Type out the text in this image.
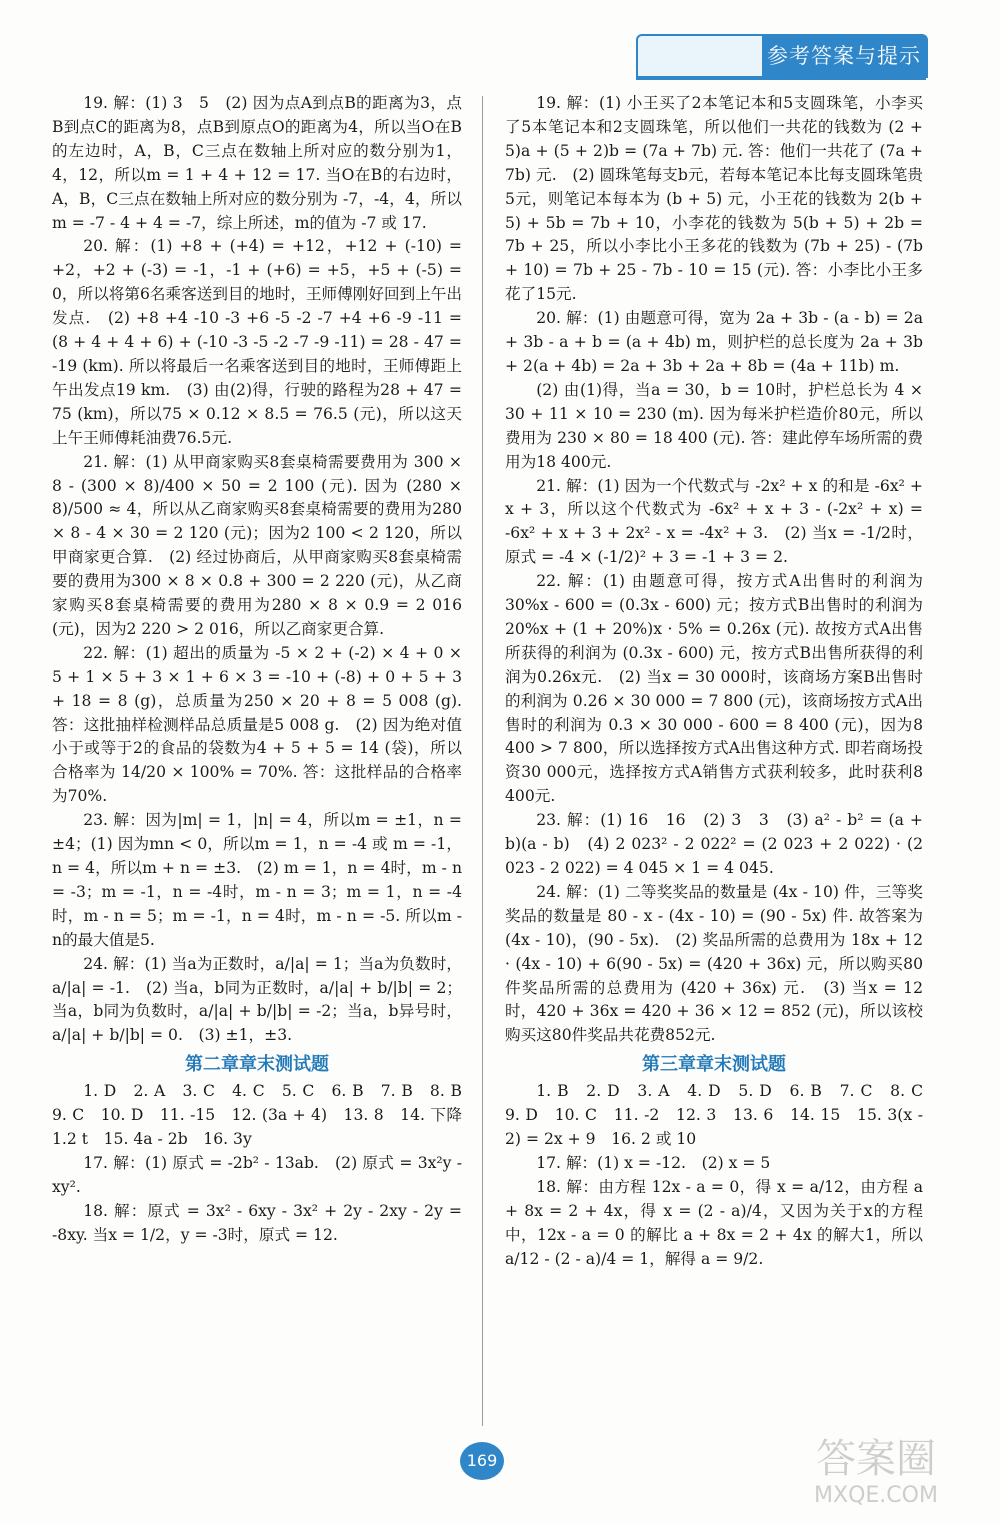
参考答案与提示

19. 解：(1) 3　5　(2) 因为点A到点B的距离为3，点B到点C的距离为8，点B到原点O的距离为4，所以当O在B的左边时，A，B，C三点在数轴上所对应的数分别为1，4，12，所以m = 1 + 4 + 12 = 17. 当O在B的右边时，A，B，C三点在数轴上所对应的数分别为 -7，-4，4，所以m = -7 - 4 + 4 = -7，综上所述，m的值为 -7 或 17.

20. 解：(1) +8 + (+4) = +12，+12 + (-10) = +2，+2 + (-3) = -1，-1 + (+6) = +5，+5 + (-5) = 0，所以将第6名乘客送到目的地时，王师傅刚好回到上午出发点.　(2) +8 +4 -10 -3 +6 -5 -2 -7 +4 +6 -9 -11 = (8 + 4 + 4 + 6) + (-10 -3 -5 -2 -7 -9 -11) = 28 - 47 = -19 (km). 所以将最后一名乘客送到目的地时，王师傅距上午出发点19 km.　(3) 由(2)得，行驶的路程为28 + 47 = 75 (km)，所以75 × 0.12 × 8.5 = 76.5 (元)，所以这天上午王师傅耗油费76.5元.

21. 解：(1) 从甲商家购买8套桌椅需要费用为 300 × 8 - (300 × 8)/400 × 50 = 2 100 (元). 因为 (280 × 8)/500 ≈ 4，所以从乙商家购买8套桌椅需要的费用为280 × 8 - 4 × 30 = 2 120 (元)；因为2 100 < 2 120，所以甲商家更合算.　(2) 经过协商后，从甲商家购买8套桌椅需要的费用为300 × 8 × 0.8 + 300 = 2 220 (元)，从乙商家购买8套桌椅需要的费用为280 × 8 × 0.9 = 2 016 (元)，因为2 220 > 2 016，所以乙商家更合算.

22. 解：(1) 超出的质量为 -5 × 2 + (-2) × 4 + 0 × 5 + 1 × 5 + 3 × 1 + 6 × 3 = -10 + (-8) + 0 + 5 + 3 + 18 = 8 (g)，总质量为250 × 20 + 8 = 5 008 (g). 答：这批抽样检测样品总质量是5 008 g.　(2) 因为绝对值小于或等于2的食品的袋数为4 + 5 + 5 = 14 (袋)，所以合格率为 14/20 × 100% = 70%. 答：这批样品的合格率为70%.

23. 解：因为|m| = 1，|n| = 4，所以m = ±1，n = ±4；(1) 因为mn < 0，所以m = 1，n = -4 或 m = -1，n = 4，所以m + n = ±3.　(2) m = 1，n = 4时，m - n = -3；m = -1，n = -4时，m - n = 3；m = 1，n = -4时，m - n = 5；m = -1，n = 4时，m - n = -5. 所以m - n的最大值是5.

24. 解：(1) 当a为正数时，a/|a| = 1；当a为负数时，a/|a| = -1.　(2) 当a，b同为正数时，a/|a| + b/|b| = 2；当a，b同为负数时，a/|a| + b/|b| = -2；当a，b异号时，a/|a| + b/|b| = 0.　(3) ±1，±3.

第二章章末测试题

1. D　2. A　3. C　4. C　5. C　6. B　7. B　8. B　9. C　10. D　11. -15　12. (3a + 4)　13. 8　14. 下降1.2 t　15. 4a - 2b　16. 3y

17. 解：(1) 原式 = -2b² - 13ab.　(2) 原式 = 3x²y - xy².

18. 解：原式 = 3x² - 6xy - 3x² + 2y - 2xy - 2y = -8xy. 当x = 1/2，y = -3时，原式 = 12.

19. 解：(1) 小王买了2本笔记本和5支圆珠笔，小李买了5本笔记本和2支圆珠笔，所以他们一共花的钱数为 (2 + 5)a + (5 + 2)b = (7a + 7b) 元. 答：他们一共花了 (7a + 7b) 元.　(2) 圆珠笔每支b元，若每本笔记本比每支圆珠笔贵5元，则笔记本每本为 (b + 5) 元，小王花的钱数为 2(b + 5) + 5b = 7b + 10，小李花的钱数为 5(b + 5) + 2b = 7b + 25，所以小李比小王多花的钱数为 (7b + 25) - (7b + 10) = 7b + 25 - 7b - 10 = 15 (元). 答：小李比小王多花了15元.

20. 解：(1) 由题意可得，宽为 2a + 3b - (a - b) = 2a + 3b - a + b = (a + 4b) m，则护栏的总长度为 2a + 3b + 2(a + 4b) = 2a + 3b + 2a + 8b = (4a + 11b) m.

(2) 由(1)得，当a = 30，b = 10时，护栏总长为 4 × 30 + 11 × 10 = 230 (m). 因为每米护栏造价80元，所以费用为 230 × 80 = 18 400 (元). 答：建此停车场所需的费用为18 400元.

21. 解：(1) 因为一个代数式与 -2x² + x 的和是 -6x² + x + 3，所以这个代数式为 -6x² + x + 3 - (-2x² + x) = -6x² + x + 3 + 2x² - x = -4x² + 3.　(2) 当x = -1/2时，原式 = -4 × (-1/2)² + 3 = -1 + 3 = 2.

22. 解：(1) 由题意可得，按方式A出售时的利润为 30%x - 600 = (0.3x - 600) 元；按方式B出售时的利润为 20%x + (1 + 20%)x · 5% = 0.26x (元). 故按方式A出售所获得的利润为 (0.3x - 600) 元，按方式B出售所获得的利润为0.26x元.　(2) 当x = 30 000时，该商场方案B出售时的利润为 0.26 × 30 000 = 7 800 (元)，该商场按方式A出售时的利润为 0.3 × 30 000 - 600 = 8 400 (元)，因为8 400 > 7 800，所以选择按方式A出售这种方式. 即若商场投资30 000元，选择按方式A销售方式获利较多，此时获利8 400元.

23. 解：(1) 16　16　(2) 3　3　(3) a² - b² = (a + b)(a - b)　(4) 2 023² - 2 022² = (2 023 + 2 022) · (2 023 - 2 022) = 4 045 × 1 = 4 045.

24. 解：(1) 二等奖奖品的数量是 (4x - 10) 件，三等奖奖品的数量是 80 - x - (4x - 10) = (90 - 5x) 件. 故答案为 (4x - 10)，(90 - 5x).　(2) 奖品所需的总费用为 18x + 12 · (4x - 10) + 6(90 - 5x) = (420 + 36x) 元，所以购买80件奖品所需的总费用为 (420 + 36x) 元.　(3) 当x = 12时，420 + 36x = 420 + 36 × 12 = 852 (元)，所以该校购买这80件奖品共花费852元.

第三章章末测试题

1. B　2. D　3. A　4. D　5. D　6. B　7. C　8. C　9. D　10. C　11. -2　12. 3　13. 6　14. 15　15. 3(x - 2) = 2x + 9　16. 2 或 10

17. 解：(1) x = -12.　(2) x = 5

18. 解：由方程 12x - a = 0，得 x = a/12，由方程 a + 8x = 2 + 4x，得 x = (2 - a)/4，又因为关于x的方程中，12x - a = 0 的解比 a + 8x = 2 + 4x 的解大1，所以 a/12 - (2 - a)/4 = 1，解得 a = 9/2.

169	答案圈
MXQE.COM
